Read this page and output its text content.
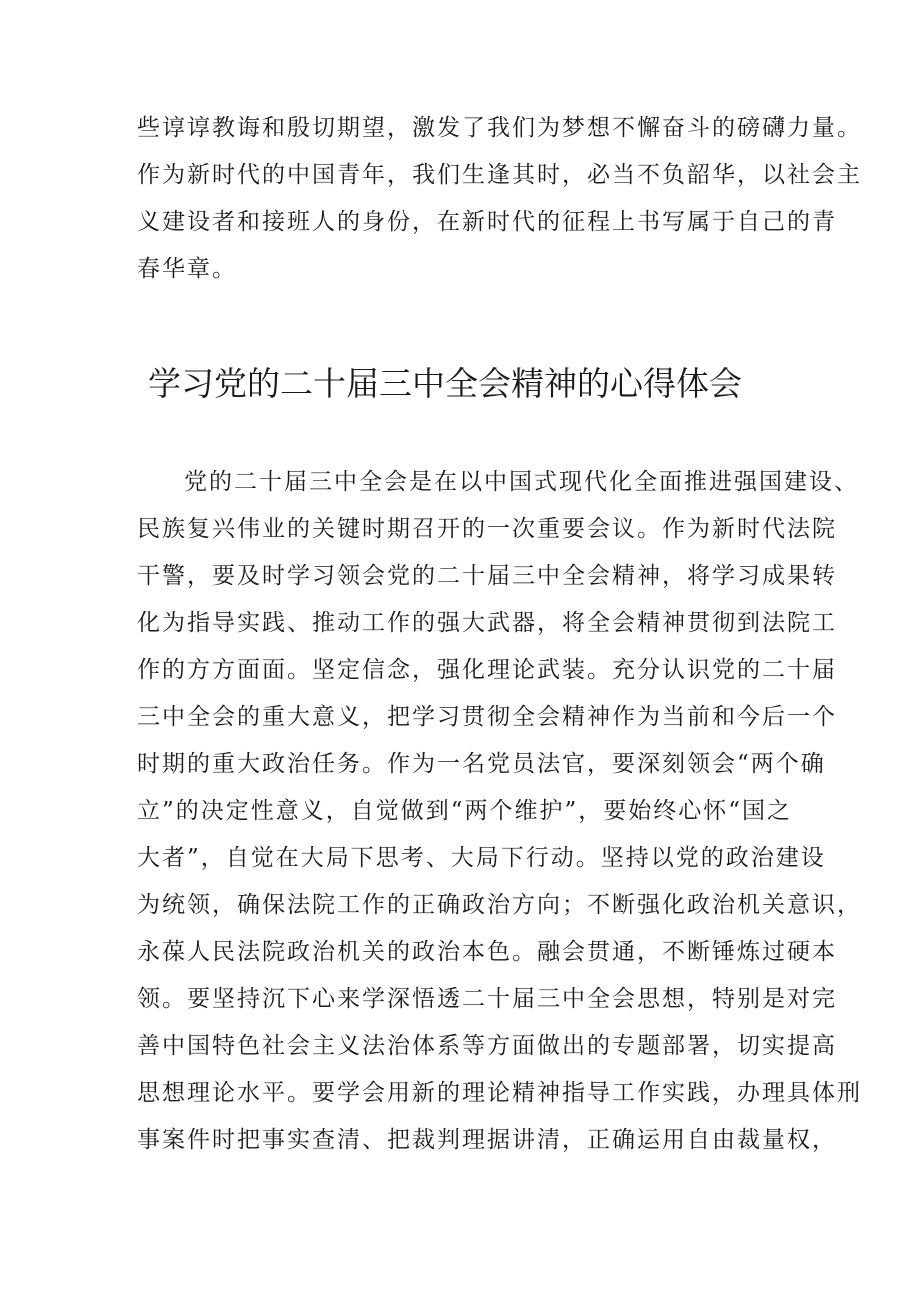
些谆谆教诲和殷切期望，激发了我们为梦想不懈奋斗的磅礴力量。
作为新时代的中国青年，我们生逢其时，必当不负韶华，以社会主
义建设者和接班人的身份，在新时代的征程上书写属于自己的青
春华章。
学习党的二十届三中全会精神的心得体会
党的二十届三中全会是在以中国式现代化全面推进强国建设、
民族复兴伟业的关键时期召开的一次重要会议。作为新时代法院
干警，要及时学习领会党的二十届三中全会精神，将学习成果转
化为指导实践、推动工作的强大武器，将全会精神贯彻到法院工
作的方方面面。坚定信念，强化理论武装。充分认识党的二十届
三中全会的重大意义，把学习贯彻全会精神作为当前和今后一个
时期的重大政治任务。作为一名党员法官，要深刻领会“两个确
立”的决定性意义，自觉做到“两个维护”，要始终心怀“国之
大者”，自觉在大局下思考、大局下行动。坚持以党的政治建设
为统领，确保法院工作的正确政治方向；不断强化政治机关意识，
永葆人民法院政治机关的政治本色。融会贯通，不断锤炼过硬本
领。要坚持沉下心来学深悟透二十届三中全会思想，特别是对完
善中国特色社会主义法治体系等方面做出的专题部署，切实提高
思想理论水平。要学会用新的理论精神指导工作实践，办理具体刑
事案件时把事实查清、把裁判理据讲清，正确运用自由裁量权，
